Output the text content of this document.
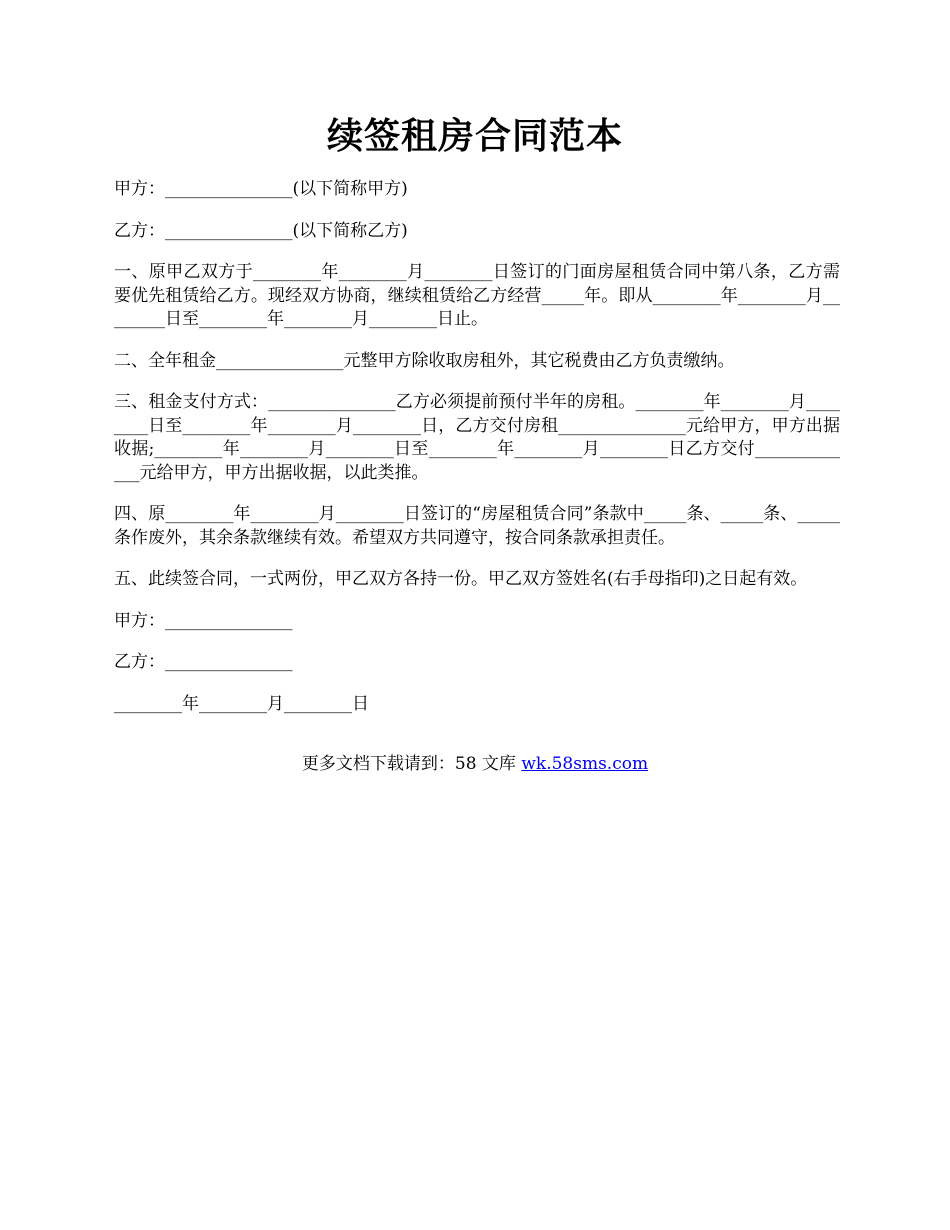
续签租房合同范本

甲方：_______________(以下简称甲方)

乙方：_______________(以下简称乙方)

一、原甲乙双方于________年________月________日签订的门面房屋租赁合同中第八条，乙方需要优先租赁给乙方。现经双方协商，继续租赁给乙方经营_____年。即从________年________月________日至________年________月________日止。

二、全年租金_______________元整甲方除收取房租外，其它税费由乙方负责缴纳。

三、租金支付方式：_______________乙方必须提前预付半年的房租。________年________月________日至________年________月________日，乙方交付房租_______________元给甲方，甲方出据收据;________年________月________日至________年________月________日乙方交付_____________元给甲方，甲方出据收据，以此类推。

四、原________年________月________日签订的“房屋租赁合同”条款中_____条、_____条、_____条作废外，其余条款继续有效。希望双方共同遵守，按合同条款承担责任。

五、此续签合同，一式两份，甲乙双方各持一份。甲乙双方签姓名(右手母指印)之日起有效。

甲方：_______________

乙方：_______________

________年________月________日

更多文档下载请到：58 文库 wk.58sms.com
